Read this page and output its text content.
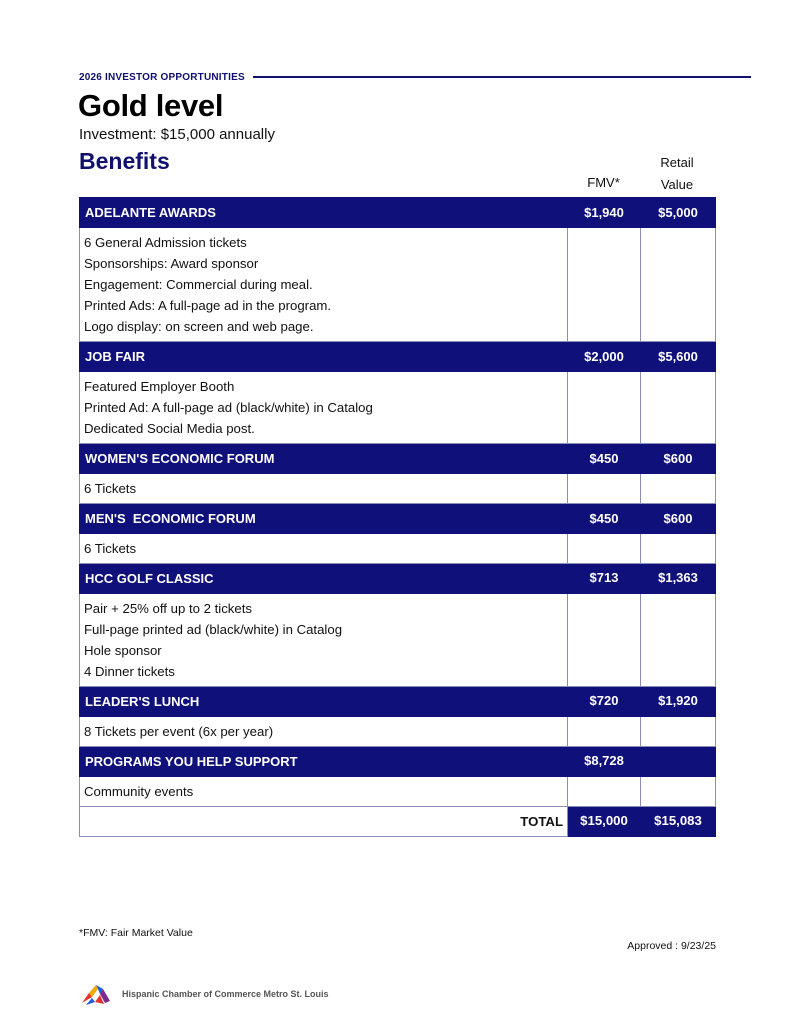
2026 INVESTOR OPPORTUNITIES
Gold level
Investment: $15,000 annually
Benefits
FMV*
Retail
Value
ADELANTE AWARDS	$1,940	$5,000

6 General Admission tickets
Sponsorships: Award sponsor
Engagement: Commercial during meal.
Printed Ads: A full-page ad in the program.
Logo display: on screen and web page.		

JOB FAIR	$2,000	$5,600

Featured Employer Booth
Printed Ad: A full-page ad (black/white) in Catalog
Dedicated Social Media post.		

WOMEN'S ECONOMIC FORUM	$450	$600

6 Tickets		

MEN'S  ECONOMIC FORUM	$450	$600

6 Tickets		

HCC GOLF CLASSIC	$713	$1,363

Pair + 25% off up to 2 tickets
Full-page printed ad (black/white) in Catalog
Hole sponsor
4 Dinner tickets		

LEADER'S LUNCH	$720	$1,920

8 Tickets per event (6x per year)		

PROGRAMS YOU HELP SUPPORT	$8,728	

Community events		

TOTAL	$15,000	$15,083
*FMV: Fair Market Value
Approved : 9/23/25
Hispanic Chamber of Commerce Metro St. Louis
